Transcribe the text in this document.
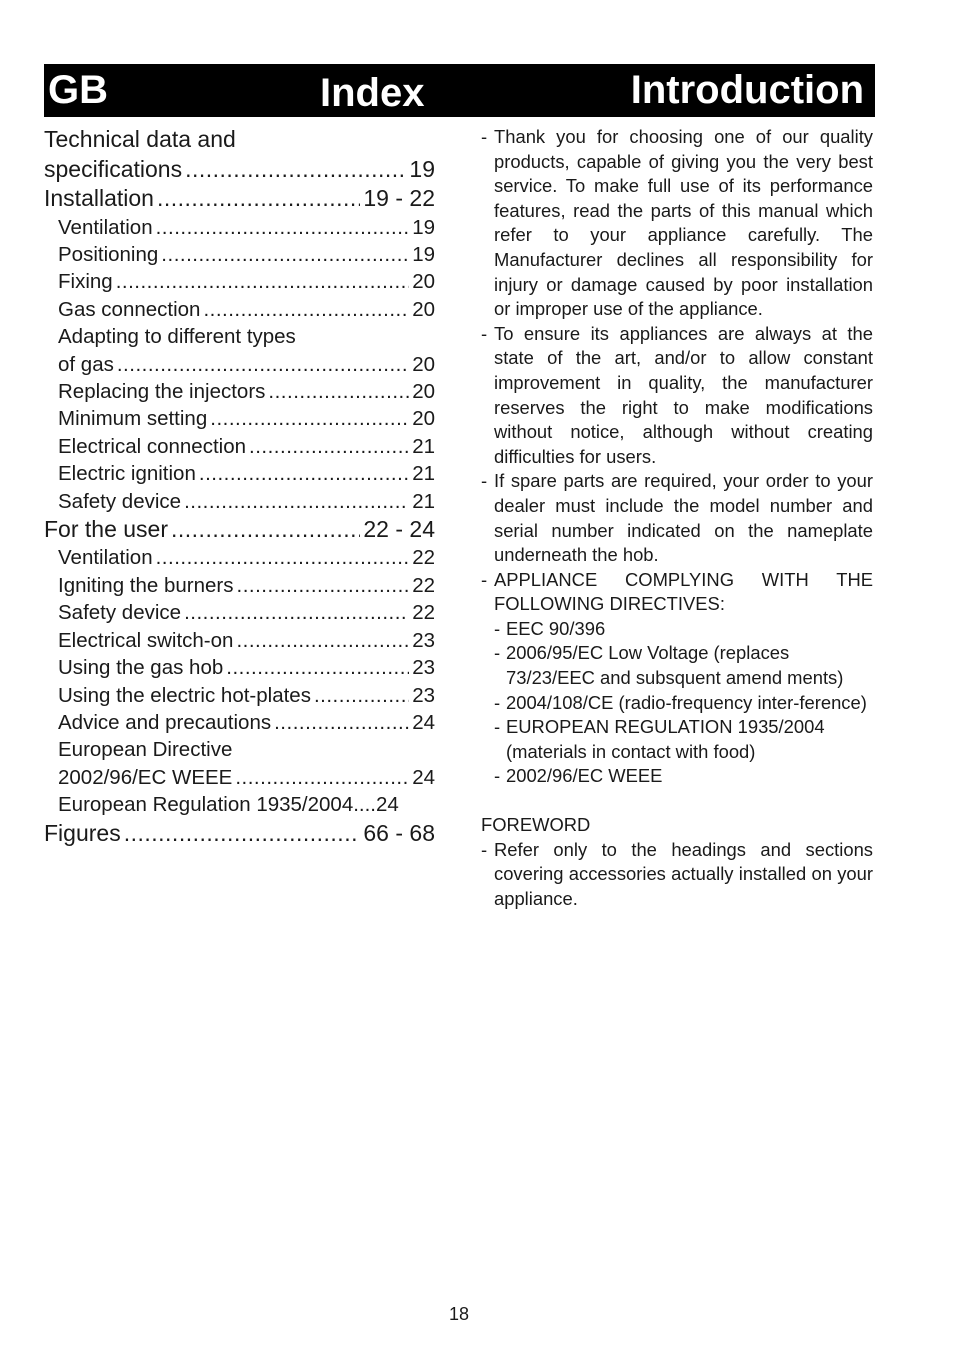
GB	Index	Introduction
Technical data and
specifications .....	19
Installation .....	19 - 22
Ventilation .....	19
Positioning .....	19
Fixing .....	20
Gas connection .....	20
Adapting to different types
of gas .....	20
Replacing the injectors .....	20
Minimum setting .....	20
Electrical connection .....	21
Electric ignition .....	21
Safety device .....	21
For the user .....	22 - 24
Ventilation .....	22
Igniting the burners .....	22
Safety device .....	22
Electrical switch-on .....	23
Using the gas hob .....	23
Using the electric hot-plates .....	23
Advice and precautions .....	24
European Directive
2002/96/EC WEEE .....	24
European Regulation 1935/2004....24
Figures .....	66 - 68
- Thank you for choosing one of our quality products, capable of giving you the very best service. To make full use of its performance features, read the parts of this manual which refer to your appliance carefully. The Manufacturer declines all responsibility for injury or damage caused by poor installation or improper use of the appliance.
- To ensure its appliances are always at the state of the art, and/or to allow constant improvement in quality, the manufacturer reserves the right to make modifications without notice, although without creating difficulties for users.
- If spare parts are required, your order to your dealer must include the model number and serial number indicated on the nameplate underneath the hob.
- APPLIANCE COMPLYING WITH THE FOLLOWING DIRECTIVES:
- EEC 90/396
- 2006/95/EC Low Voltage (replaces 73/23/EEC and subsquent amend ments)
- 2004/108/CE (radio-frequency inter-ference)
- EUROPEAN REGULATION 1935/2004 (materials in contact with food)
- 2002/96/EC WEEE
FOREWORD
- Refer only to the headings and sections covering accessories actually installed on your appliance.
18
